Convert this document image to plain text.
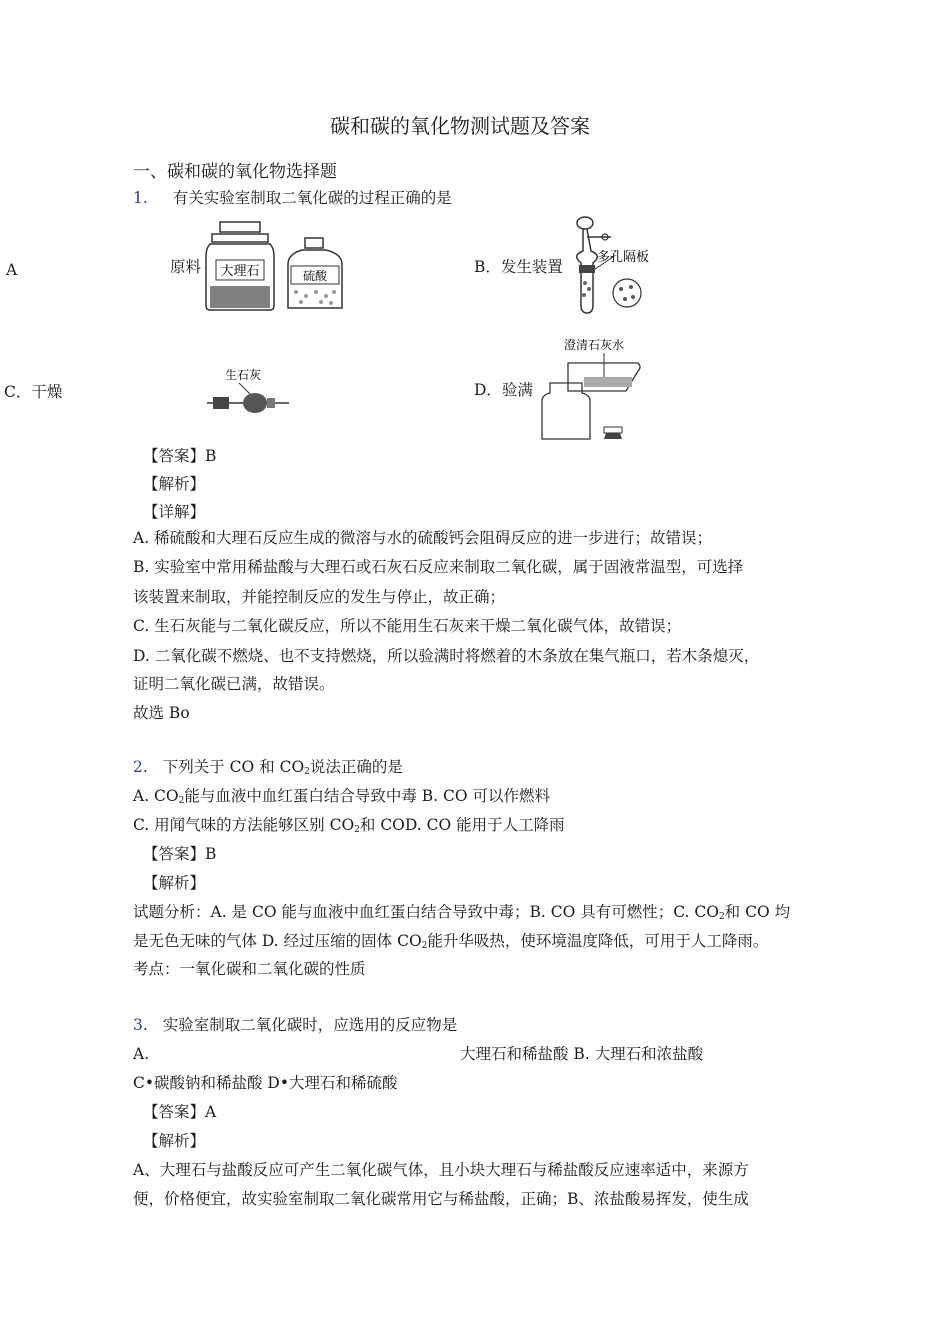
碳和碳的氧化物测试题及答案
一、碳和碳的氧化物选择题
1. 有关实验室制取二氧化碳的过程正确的是
A	原料 大理石	硫酸	B．发生装置
多孔隔板
C．干燥
生石灰
D．验满
澄清石灰水
【答案】B
【解析】
【详解】
A. 稀硫酸和大理石反应生成的微溶与水的硫酸钙会阻碍反应的进一步进行；故错误；
B. 实验室中常用稀盐酸与大理石或石灰石反应来制取二氧化碳，属于固液常温型，可选择
该装置来制取，并能控制反应的发生与停止，故正确；
C. 生石灰能与二氧化碳反应，所以不能用生石灰来干燥二氧化碳气体，故错误；
D. 二氧化碳不燃烧、也不支持燃烧，所以验满时将燃着的木条放在集气瓶口，若木条熄灭，
证明二氧化碳已满，故错误。
故选 Bo
2. 下列关于 CO 和 $CO_2$说法正确的是
A. $CO_2$能与血液中血红蛋白结合导致中毒 B. CO 可以作燃料
C. 用闻气味的方法能够区别 $CO_2$和 COD. CO 能用于人工降雨
【答案】B
【解析】
试题分析：A. 是 CO 能与血液中血红蛋白结合导致中毒；B. CO 具有可燃性；C. $CO_2$和 CO 均
是无色无味的气体 D. 经过压缩的固体 $CO_2$能升华吸热，使环境温度降低，可用于人工降雨。
考点：一氧化碳和二氧化碳的性质
3. 实验室制取二氧化碳时，应选用的反应物是
A.	大理石和稀盐酸 B. 大理石和浓盐酸
C•碳酸钠和稀盐酸 D•大理石和稀硫酸
【答案】A
【解析】
A、大理石与盐酸反应可产生二氧化碳气体，且小块大理石与稀盐酸反应速率适中，来源方
便，价格便宜，故实验室制取二氧化碳常用它与稀盐酸，正确；B、浓盐酸易挥发，使生成
